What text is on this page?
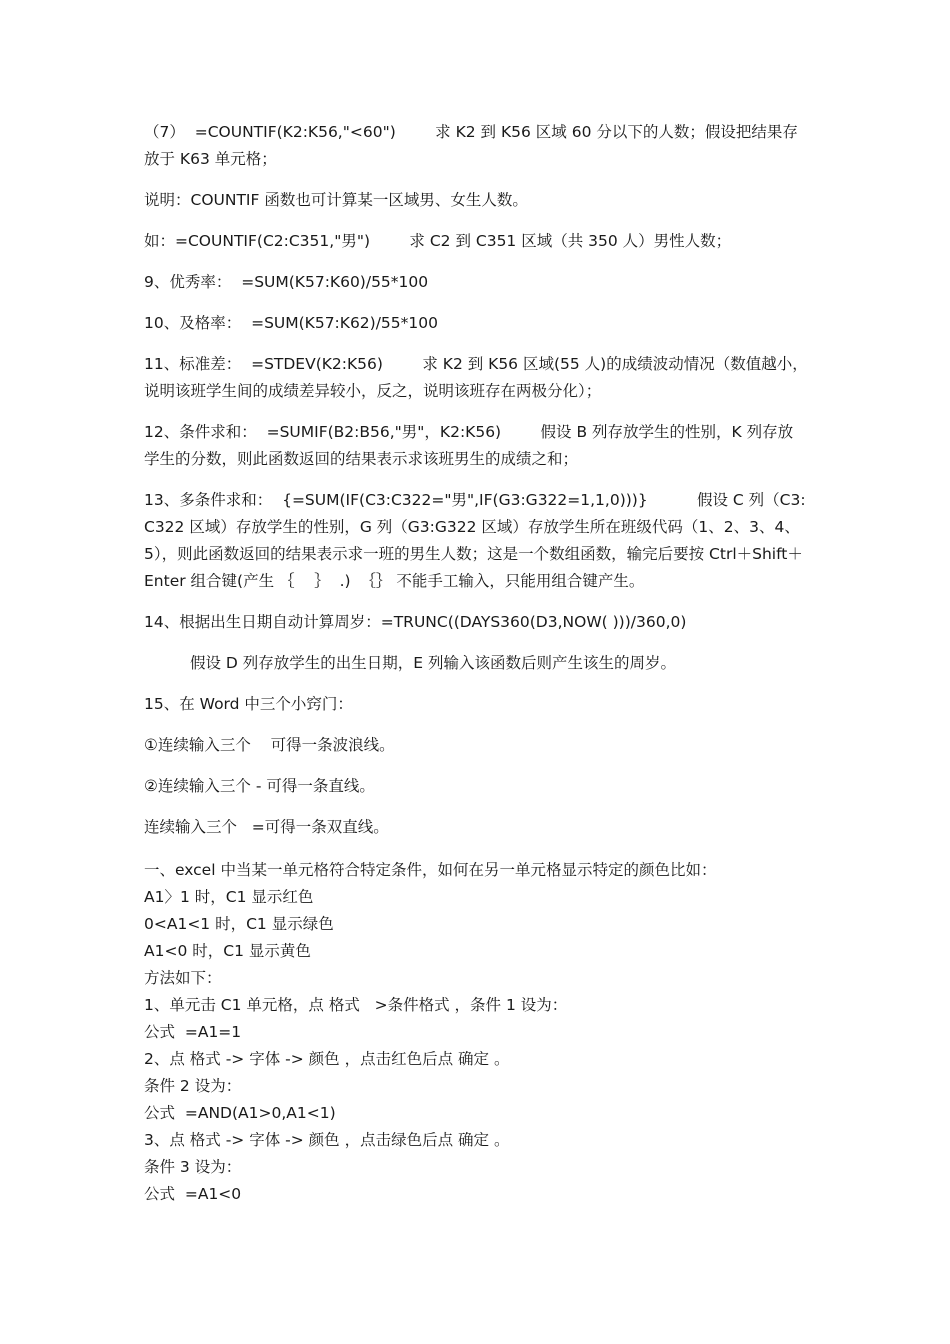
（7）  =COUNTIF(K2:K56,"<60")        求 K2 到 K56 区域 60 分以下的人数；假设把结果存放于 K63 单元格；

说明：COUNTIF 函数也可计算某一区域男、女生人数。

如：=COUNTIF(C2:C351,"男")        求 C2 到 C351 区域（共 350 人）男性人数；

9、优秀率：  =SUM(K57:K60)/55*100

10、及格率：  =SUM(K57:K62)/55*100

11、标准差：  =STDEV(K2:K56)        求 K2 到 K56 区域(55 人)的成绩波动情况（数值越小，说明该班学生间的成绩差异较小，反之，说明该班存在两极分化）；

12、条件求和：  =SUMIF(B2:B56,"男"，K2:K56)        假设 B 列存放学生的性别，K 列存放学生的分数，则此函数返回的结果表示求该班男生的成绩之和；

13、多条件求和：  {=SUM(IF(C3:C322="男",IF(G3:G322=1,1,0)))}          假设 C 列（C3:C322 区域）存放学生的性别，G 列（G3:G322 区域）存放学生所在班级代码（1、2、3、4、5），则此函数返回的结果表示求一班的男生人数；这是一个数组函数，输完后要按 Ctrl＋Shift＋Enter 组合键(产生 ｛    ｝  .)  ｛｝ 不能手工输入，只能用组合键产生。

14、根据出生日期自动计算周岁：=TRUNC((DAYS360(D3,NOW( )))/360,0)

假设 D 列存放学生的出生日期，E 列输入该函数后则产生该生的周岁。

15、在 Word 中三个小窍门：

①连续输入三个    可得一条波浪线。

②连续输入三个 - 可得一条直线。

连续输入三个   =可得一条双直线。

一、excel 中当某一单元格符合特定条件，如何在另一单元格显示特定的颜色比如：

A1〉1 时，C1 显示红色

0<A1<1 时，C1 显示绿色

A1<0 时，C1 显示黄色

方法如下：

1、单元击 C1 单元格，点 格式   >条件格式 ，条件 1 设为：

公式  =A1=1

2、点 格式 -> 字体 -> 颜色 ，点击红色后点 确定 。

条件 2 设为：

公式  =AND(A1>0,A1<1)

3、点 格式 -> 字体 -> 颜色 ，点击绿色后点 确定 。

条件 3 设为：

公式  =A1<0
